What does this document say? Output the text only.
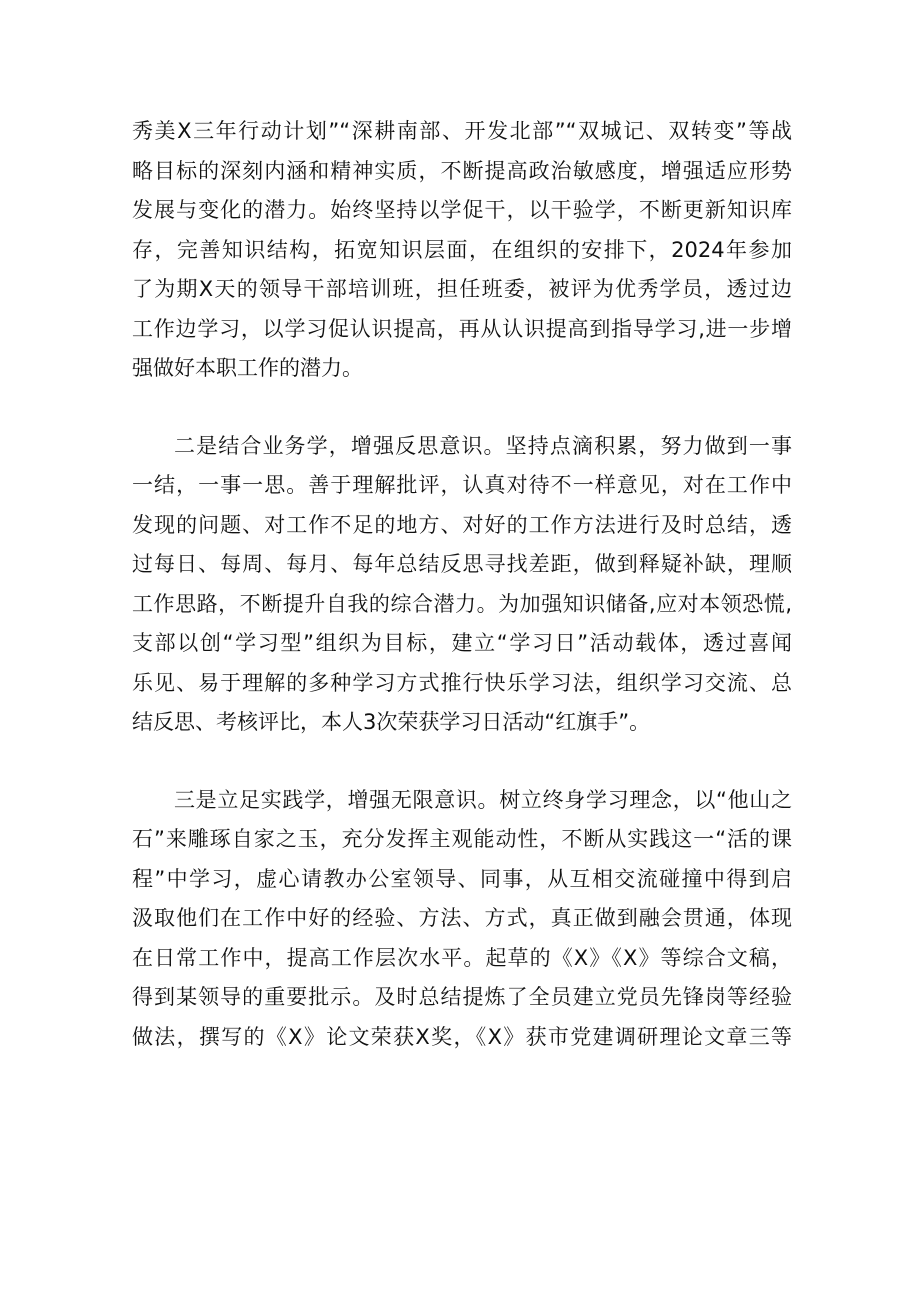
秀美X三年行动计划”“深耕南部、开发北部”“双城记、双转变”等战
略目标的深刻内涵和精神实质，不断提高政治敏感度，增强适应形势
发展与变化的潜力。始终坚持以学促干，以干验学，不断更新知识库
存，完善知识结构，拓宽知识层面，在组织的安排下，2024年参加
了为期X天的领导干部培训班，担任班委，被评为优秀学员，透过边
工作边学习，以学习促认识提高，再从认识提高到指导学习,进一步增
强做好本职工作的潜力。
二是结合业务学，增强反思意识。坚持点滴积累，努力做到一事
一结，一事一思。善于理解批评，认真对待不一样意见，对在工作中
发现的问题、对工作不足的地方、对好的工作方法进行及时总结，透
过每日、每周、每月、每年总结反思寻找差距，做到释疑补缺，理顺
工作思路，不断提升自我的综合潜力。为加强知识储备,应对本领恐慌,
支部以创“学习型”组织为目标，建立“学习日”活动载体，透过喜闻
乐见、易于理解的多种学习方式推行快乐学习法，组织学习交流、总
结反思、考核评比，本人3次荣获学习日活动“红旗手”。
三是立足实践学，增强无限意识。树立终身学习理念，以“他山之
石”来雕琢自家之玉，充分发挥主观能动性，不断从实践这一“活的课
程”中学习，虚心请教办公室领导、同事，从互相交流碰撞中得到启
汲取他们在工作中好的经验、方法、方式，真正做到融会贯通，体现
在日常工作中，提高工作层次水平。起草的《X》《X》等综合文稿，
得到某领导的重要批示。及时总结提炼了全员建立党员先锋岗等经验
做法，撰写的《X》论文荣获X奖，《X》获市党建调研理论文章三等
